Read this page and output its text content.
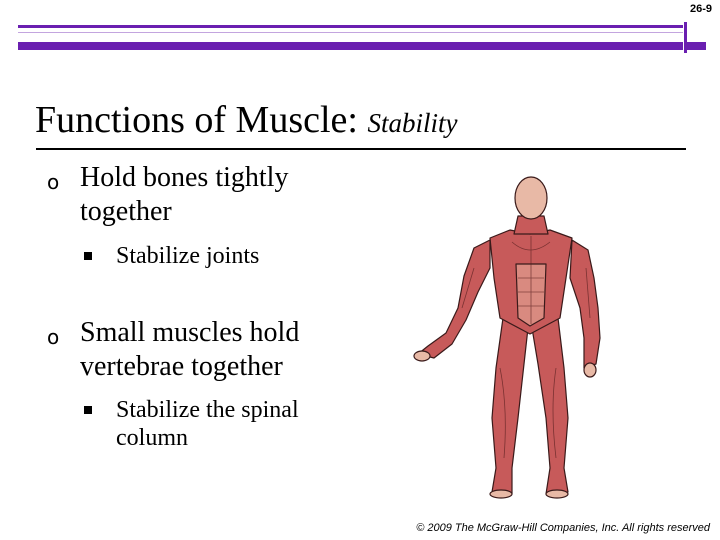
26-9
Functions of Muscle: Stability
o Hold bones tightly
together
Stabilize joints
o Small muscles hold
vertebrae together
Stabilize the spinal
column
© 2009 The McGraw-Hill Companies, Inc. All rights reserved
